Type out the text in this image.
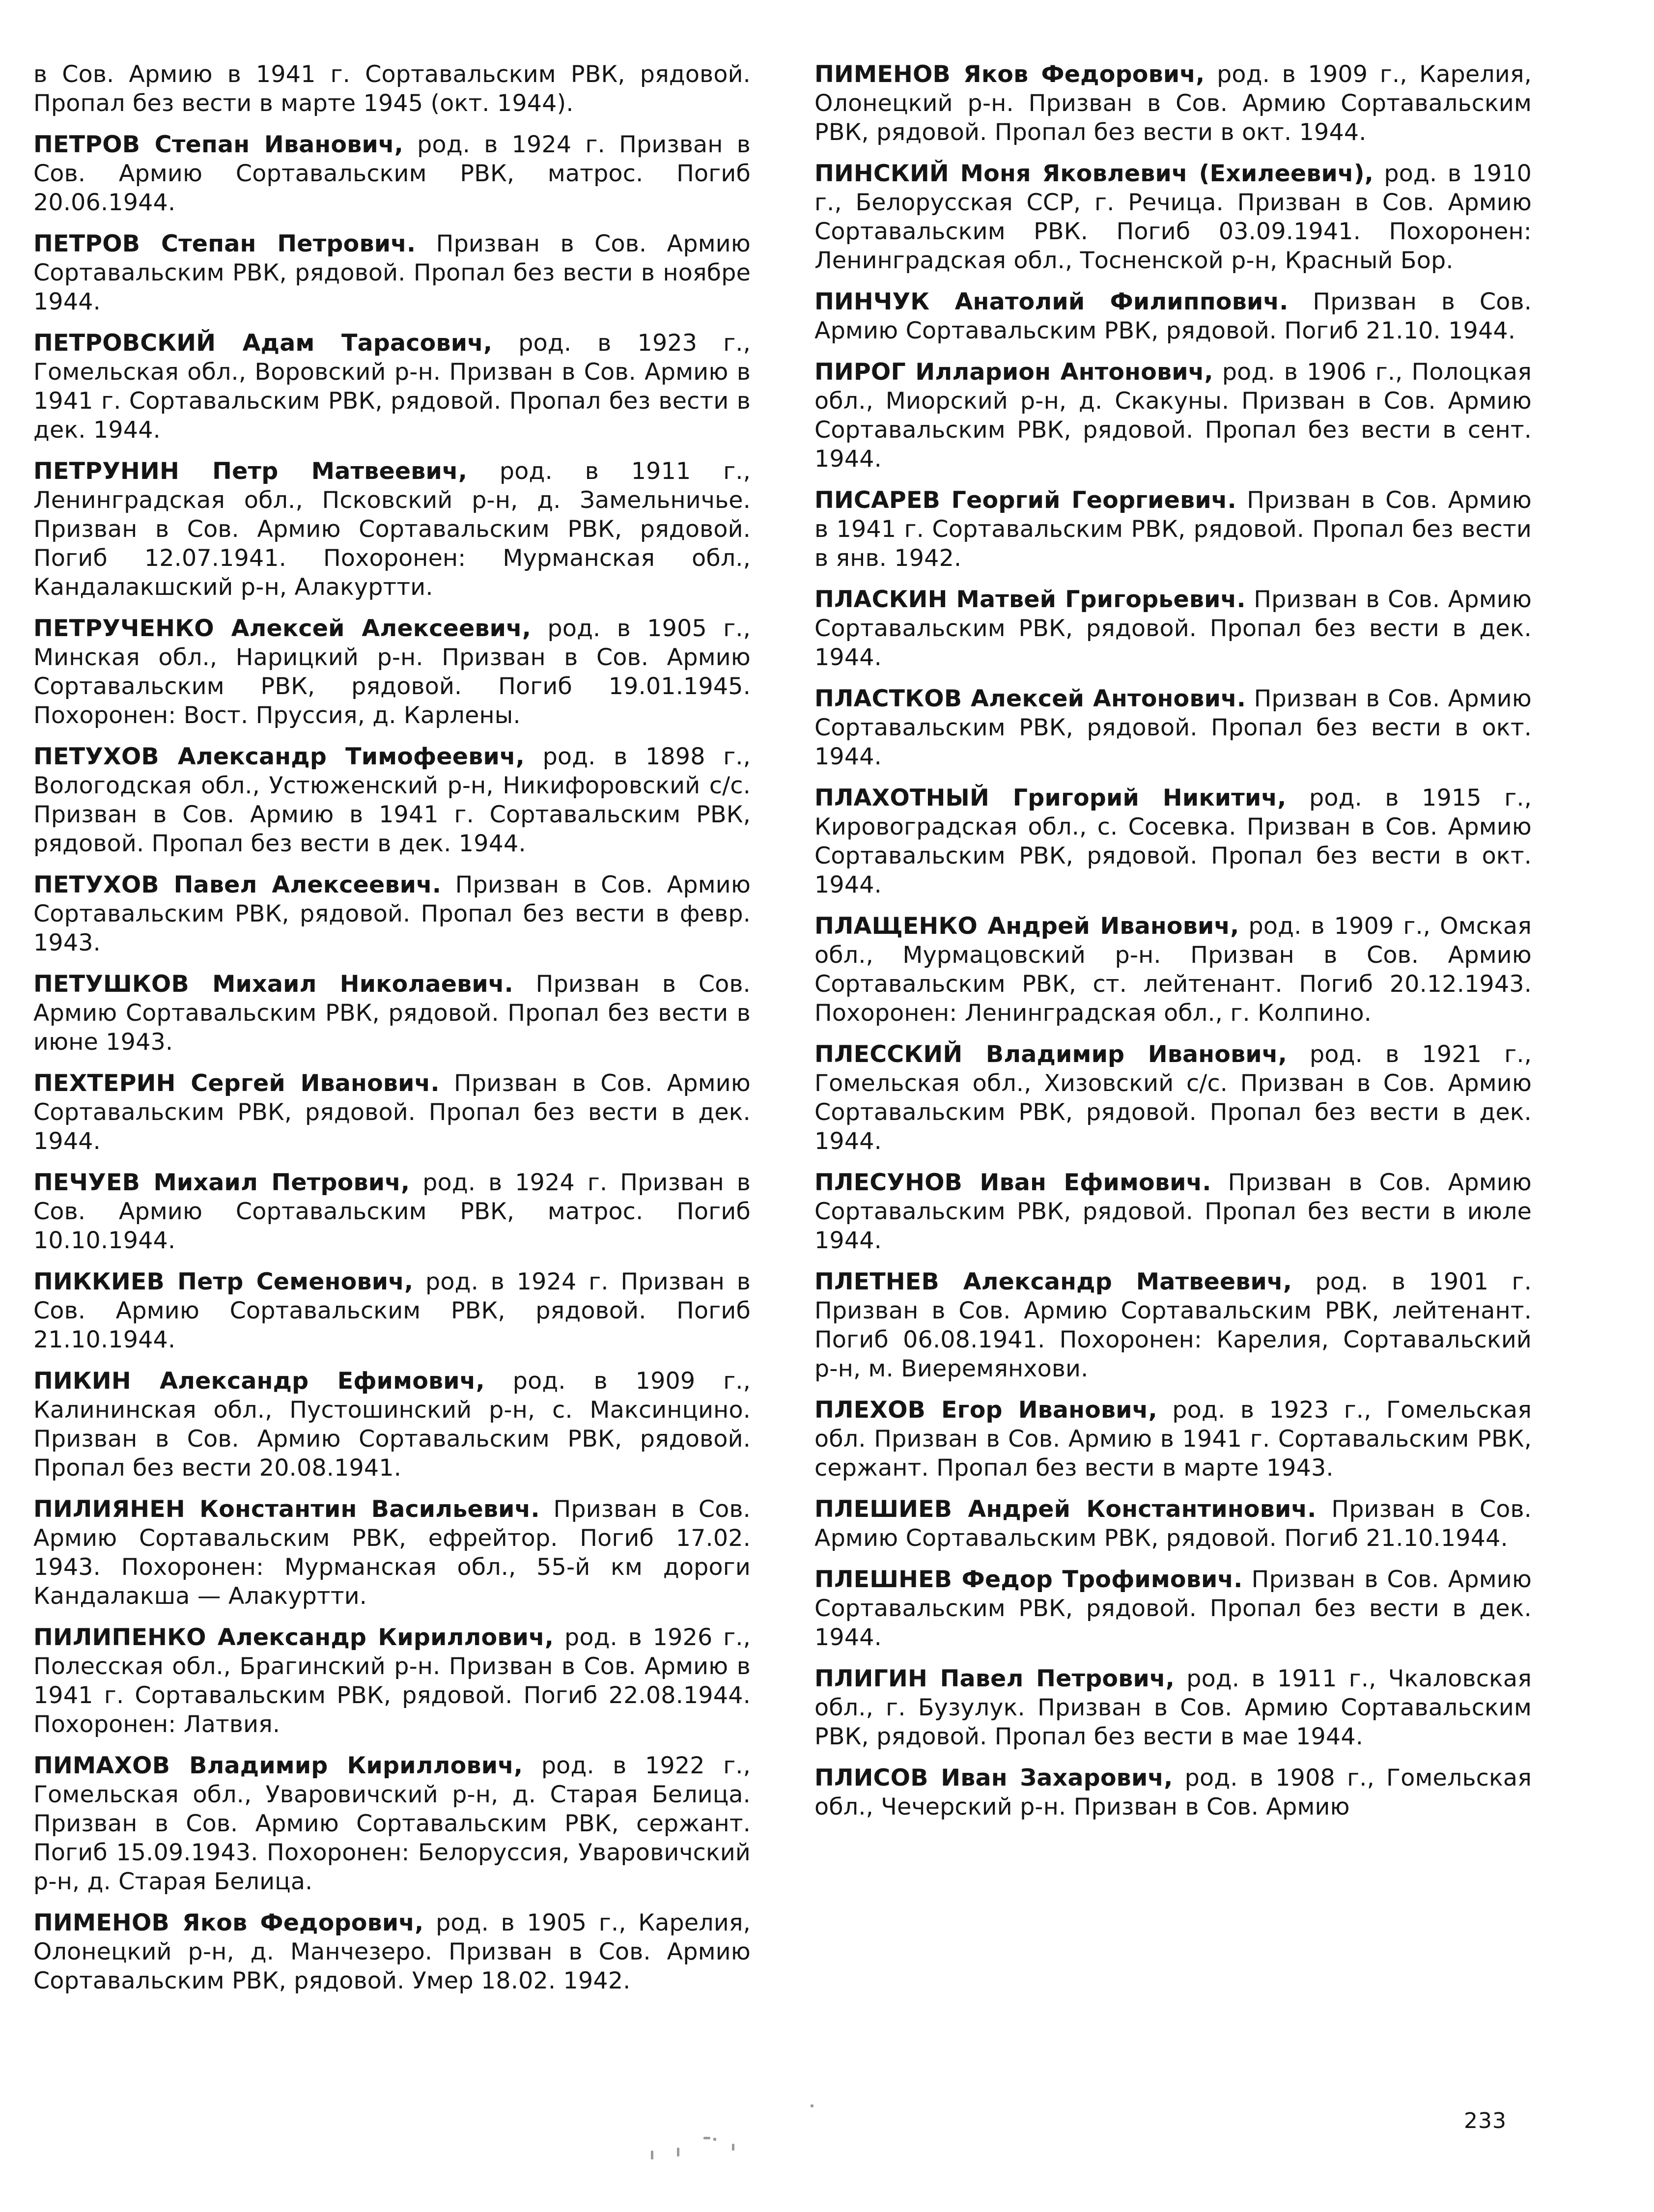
в Сов. Армию в 1941 г. Сортавальским РВК, рядовой. Пропал без вести в марте 1945 (окт. 1944).

ПЕТРОВ Степан Иванович, род. в 1924 г. Призван в Сов. Армию Сортавальским РВК, матрос. Погиб 20.06.1944.

ПЕТРОВ Степан Петрович. Призван в Сов. Армию Сортавальским РВК, рядовой. Пропал без вести в ноябре 1944.

ПЕТРОВСКИЙ Адам Тарасович, род. в 1923 г., Гомельская обл., Воровский р-н. Призван в Сов. Армию в 1941 г. Сортавальским РВК, рядовой. Пропал без вести в дек. 1944.

ПЕТРУНИН Петр Матвеевич, род. в 1911 г., Ленинградская обл., Псковский р-н, д. Замельничье. Призван в Сов. Армию Сортавальским РВК, рядовой. Погиб 12.07.1941. Похоронен: Мурманская обл., Кандалакшский р-н, Алакуртти.

ПЕТРУЧЕНКО Алексей Алексеевич, род. в 1905 г., Минская обл., Нарицкий р-н. Призван в Сов. Армию Сортавальским РВК, рядовой. Погиб 19.01.1945. Похоронен: Вост. Пруссия, д. Карлены.

ПЕТУХОВ Александр Тимофеевич, род. в 1898 г., Вологодская обл., Устюженский р-н, Никифоровский с/с. Призван в Сов. Армию в 1941 г. Сортавальским РВК, рядовой. Пропал без вести в дек. 1944.

ПЕТУХОВ Павел Алексеевич. Призван в Сов. Армию Сортавальским РВК, рядовой. Пропал без вести в февр. 1943.

ПЕТУШКОВ Михаил Николаевич. Призван в Сов. Армию Сортавальским РВК, рядовой. Пропал без вести в июне 1943.

ПЕХТЕРИН Сергей Иванович. Призван в Сов. Армию Сортавальским РВК, рядовой. Пропал без вести в дек. 1944.

ПЕЧУЕВ Михаил Петрович, род. в 1924 г. Призван в Сов. Армию Сортавальским РВК, матрос. Погиб 10.10.1944.

ПИККИЕВ Петр Семенович, род. в 1924 г. Призван в Сов. Армию Сортавальским РВК, рядовой. Погиб 21.10.1944.

ПИКИН Александр Ефимович, род. в 1909 г., Калининская обл., Пустошинский р-н, с. Максинцино. Призван в Сов. Армию Сортавальским РВК, рядовой. Пропал без вести 20.08.1941.

ПИЛИЯНЕН Константин Васильевич. Призван в Сов. Армию Сортавальским РВК, ефрейтор. Погиб 17.02. 1943. Похоронен: Мурманская обл., 55-й км дороги Кандалакша — Алакуртти.

ПИЛИПЕНКО Александр Кириллович, род. в 1926 г., Полесская обл., Брагинский р-н. Призван в Сов. Армию в 1941 г. Сортавальским РВК, рядовой. Погиб 22.08.1944. Похоронен: Латвия.

ПИМАХОВ Владимир Кириллович, род. в 1922 г., Гомельская обл., Уваровичский р-н, д. Старая Белица. Призван в Сов. Армию Сортавальским РВК, сержант. Погиб 15.09.1943. Похоронен: Белоруссия, Уваровичский р-н, д. Старая Белица.

ПИМЕНОВ Яков Федорович, род. в 1905 г., Карелия, Олонецкий р-н, д. Манчезеро. Призван в Сов. Армию Сортавальским РВК, рядовой. Умер 18.02. 1942.

ПИМЕНОВ Яков Федорович, род. в 1909 г., Карелия, Олонецкий р-н. Призван в Сов. Армию Сортавальским РВК, рядовой. Пропал без вести в окт. 1944.

ПИНСКИЙ Моня Яковлевич (Ехилеевич), род. в 1910 г., Белорусская ССР, г. Речица. Призван в Сов. Армию Сортавальским РВК. Погиб 03.09.1941. Похоронен: Ленинградская обл., Тосненской р-н, Красный Бор.

ПИНЧУК Анатолий Филиппович. Призван в Сов. Армию Сортавальским РВК, рядовой. Погиб 21.10. 1944.

ПИРОГ Илларион Антонович, род. в 1906 г., Полоцкая обл., Миорский р-н, д. Скакуны. Призван в Сов. Армию Сортавальским РВК, рядовой. Пропал без вести в сент. 1944.

ПИСАРЕВ Георгий Георгиевич. Призван в Сов. Армию в 1941 г. Сортавальским РВК, рядовой. Пропал без вести в янв. 1942.

ПЛАСКИН Матвей Григорьевич. Призван в Сов. Армию Сортавальским РВК, рядовой. Пропал без вести в дек. 1944.

ПЛАСТКОВ Алексей Антонович. Призван в Сов. Армию Сортавальским РВК, рядовой. Пропал без вести в окт. 1944.

ПЛАХОТНЫЙ Григорий Никитич, род. в 1915 г., Кировоградская обл., с. Сосевка. Призван в Сов. Армию Сортавальским РВК, рядовой. Пропал без вести в окт. 1944.

ПЛАЩЕНКО Андрей Иванович, род. в 1909 г., Омская обл., Мурмацовский р-н. Призван в Сов. Армию Сортавальским РВК, ст. лейтенант. Погиб 20.12.1943. Похоронен: Ленинградская обл., г. Колпино.

ПЛЕССКИЙ Владимир Иванович, род. в 1921 г., Гомельская обл., Хизовский с/с. Призван в Сов. Армию Сортавальским РВК, рядовой. Пропал без вести в дек. 1944.

ПЛЕСУНОВ Иван Ефимович. Призван в Сов. Армию Сортавальским РВК, рядовой. Пропал без вести в июле 1944.

ПЛЕТНЕВ Александр Матвеевич, род. в 1901 г. Призван в Сов. Армию Сортавальским РВК, лейтенант. Погиб 06.08.1941. Похоронен: Карелия, Сортавальский р-н, м. Виеремянхови.

ПЛЕХОВ Егор Иванович, род. в 1923 г., Гомельская обл. Призван в Сов. Армию в 1941 г. Сортавальским РВК, сержант. Пропал без вести в марте 1943.

ПЛЕШИЕВ Андрей Константинович. Призван в Сов. Армию Сортавальским РВК, рядовой. Погиб 21.10.1944.

ПЛЕШНЕВ Федор Трофимович. Призван в Сов. Армию Сортавальским РВК, рядовой. Пропал без вести в дек. 1944.

ПЛИГИН Павел Петрович, род. в 1911 г., Чкаловская обл., г. Бузулук. Призван в Сов. Армию Сортавальским РВК, рядовой. Пропал без вести в мае 1944.

ПЛИСОВ Иван Захарович, род. в 1908 г., Гомельская обл., Чечерский р-н. Призван в Сов. Армию

233
